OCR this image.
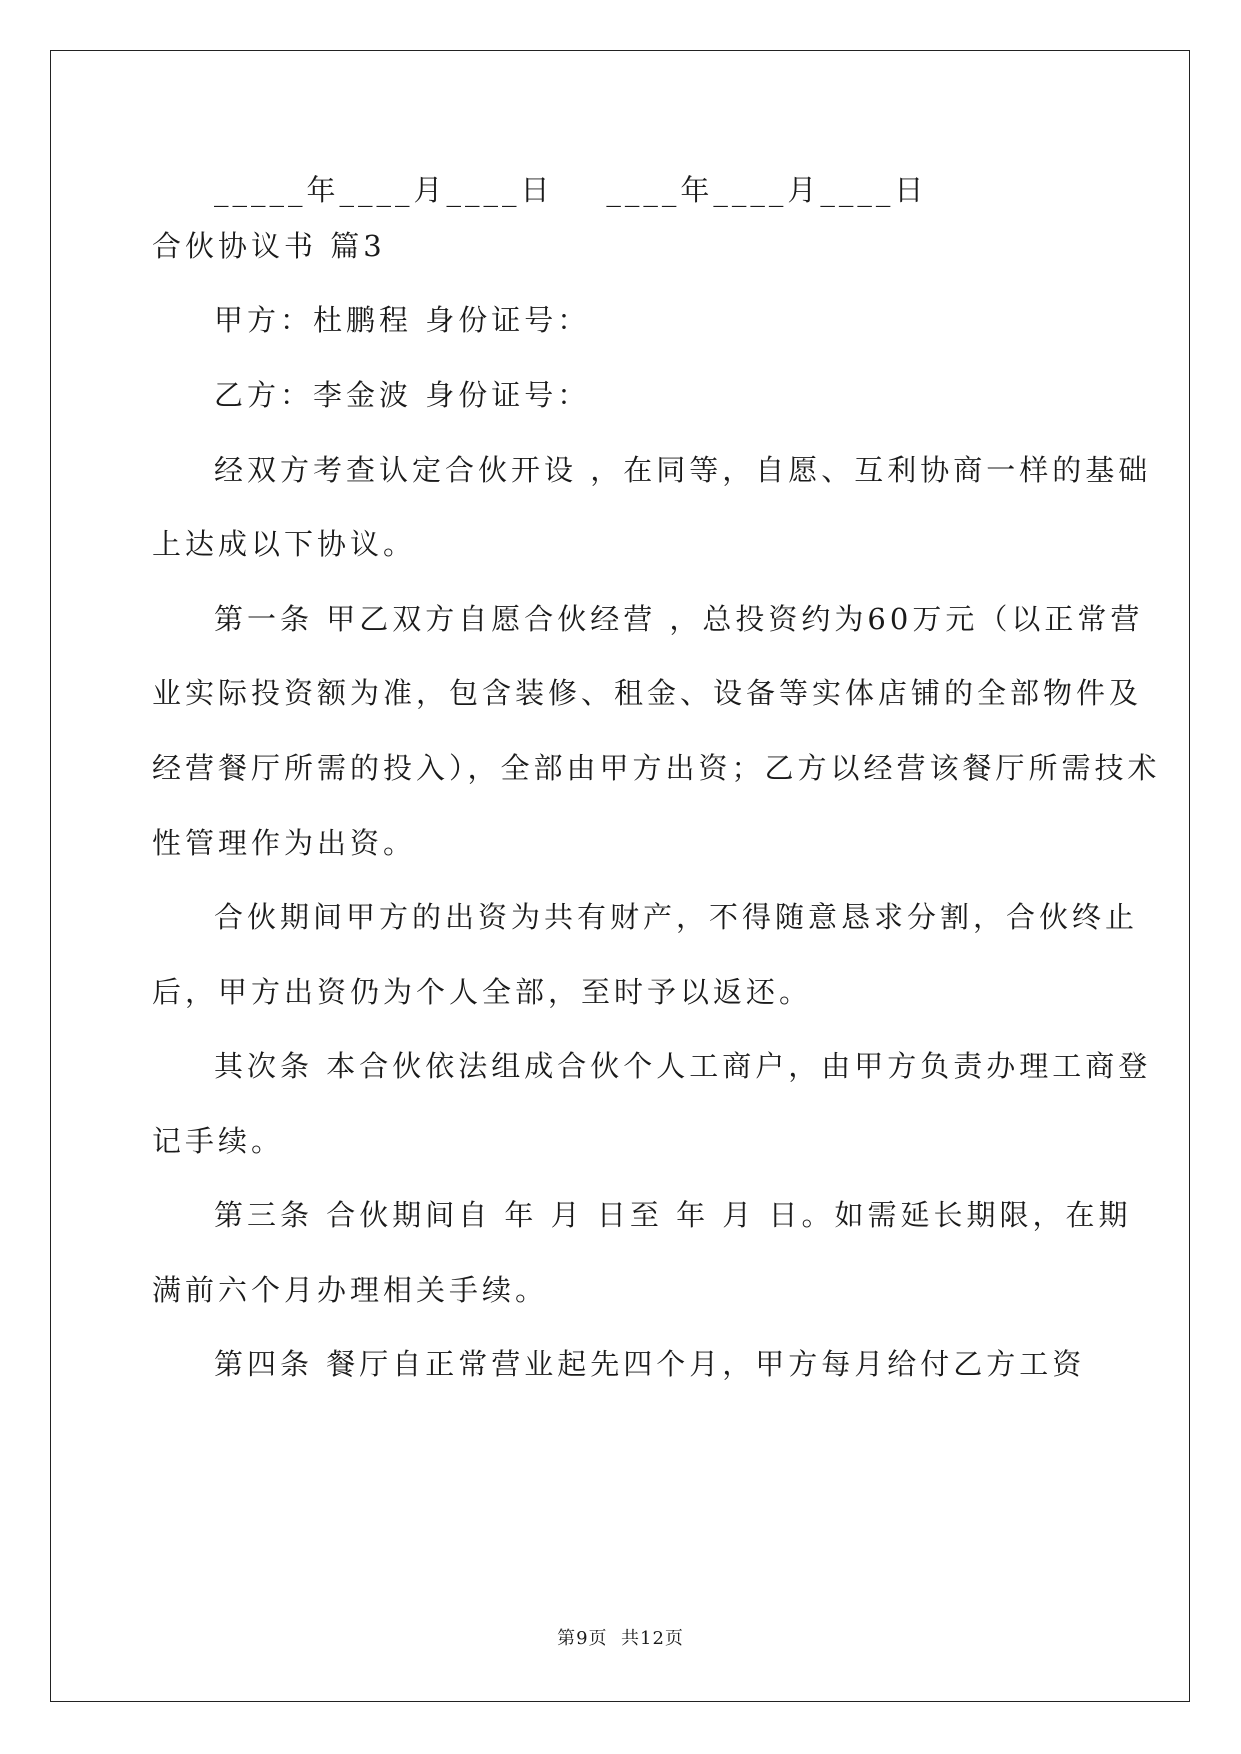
_____年____月____日    ____年____月____日
合伙协议书 篇3
甲方：杜鹏程 身份证号：
乙方：李金波 身份证号：
经双方考查认定合伙开设 ，在同等，自愿、互利协商一样的基础
上达成以下协议。
第一条 甲乙双方自愿合伙经营 ，总投资约为60万元（以正常营
业实际投资额为准，包含装修、租金、设备等实体店铺的全部物件及
经营餐厅所需的投入），全部由甲方出资；乙方以经营该餐厅所需技术
性管理作为出资。
合伙期间甲方的出资为共有财产，不得随意恳求分割，合伙终止
后，甲方出资仍为个人全部，至时予以返还。
其次条 本合伙依法组成合伙个人工商户，由甲方负责办理工商登
记手续。
第三条 合伙期间自 年 月 日至 年 月 日。如需延长期限，在期
满前六个月办理相关手续。
第四条 餐厅自正常营业起先四个月，甲方每月给付乙方工资
第9页  共12页
